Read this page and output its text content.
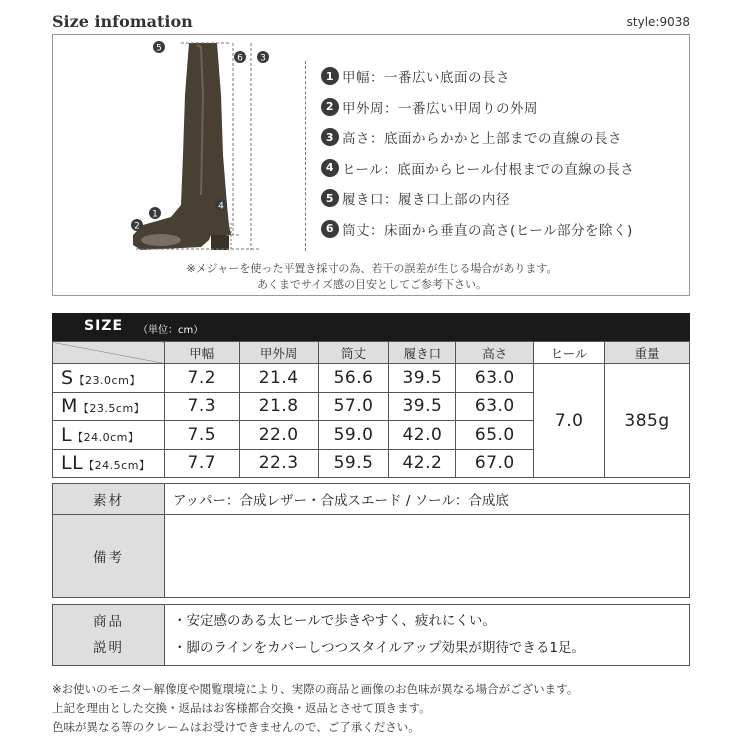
Size infomation	style:9038
5
6 3
2
1
4
1 甲幅：一番広い底面の長さ
2 甲外周：一番広い甲周りの外周
3 高さ：底面からかかと上部までの直線の長さ
4 ヒール：底面からヒール付根までの直線の長さ
5 履き口：履き口上部の内径
6 筒丈：床面から垂直の高さ(ヒール部分を除く)
※メジャーを使った平置き採寸の為、若干の誤差が生じる場合があります。
あくまでサイズ感の目安としてご参考下さい。
SIZE （単位：cm）
	甲幅	甲外周	筒丈	履き口	高さ	ヒール	重量
S【23.0cm】	7.2	21.4	56.6	39.5	63.0	7.0	385g
M【23.5cm】	7.3	21.8	57.0	39.5	63.0		
L【24.0cm】	7.5	22.0	59.0	42.0	65.0		
LL【24.5cm】	7.7	22.3	59.5	42.2	67.0		
素材	アッパー：合成レザー・合成スエード / ソール：合成底
備考	
商品
説明

・安定感のある太ヒールで歩きやすく、疲れにくい。
・脚のラインをカバーしつつスタイルアップ効果が期待できる1足。
※お使いのモニター解像度や閲覧環境により、実際の商品と画像のお色味が異なる場合がございます。
上記を理由とした交換・返品はお客様都合交換・返品とさせて頂きます。
色味が異なる等のクレームはお受けできませんので、ご了承ください。
